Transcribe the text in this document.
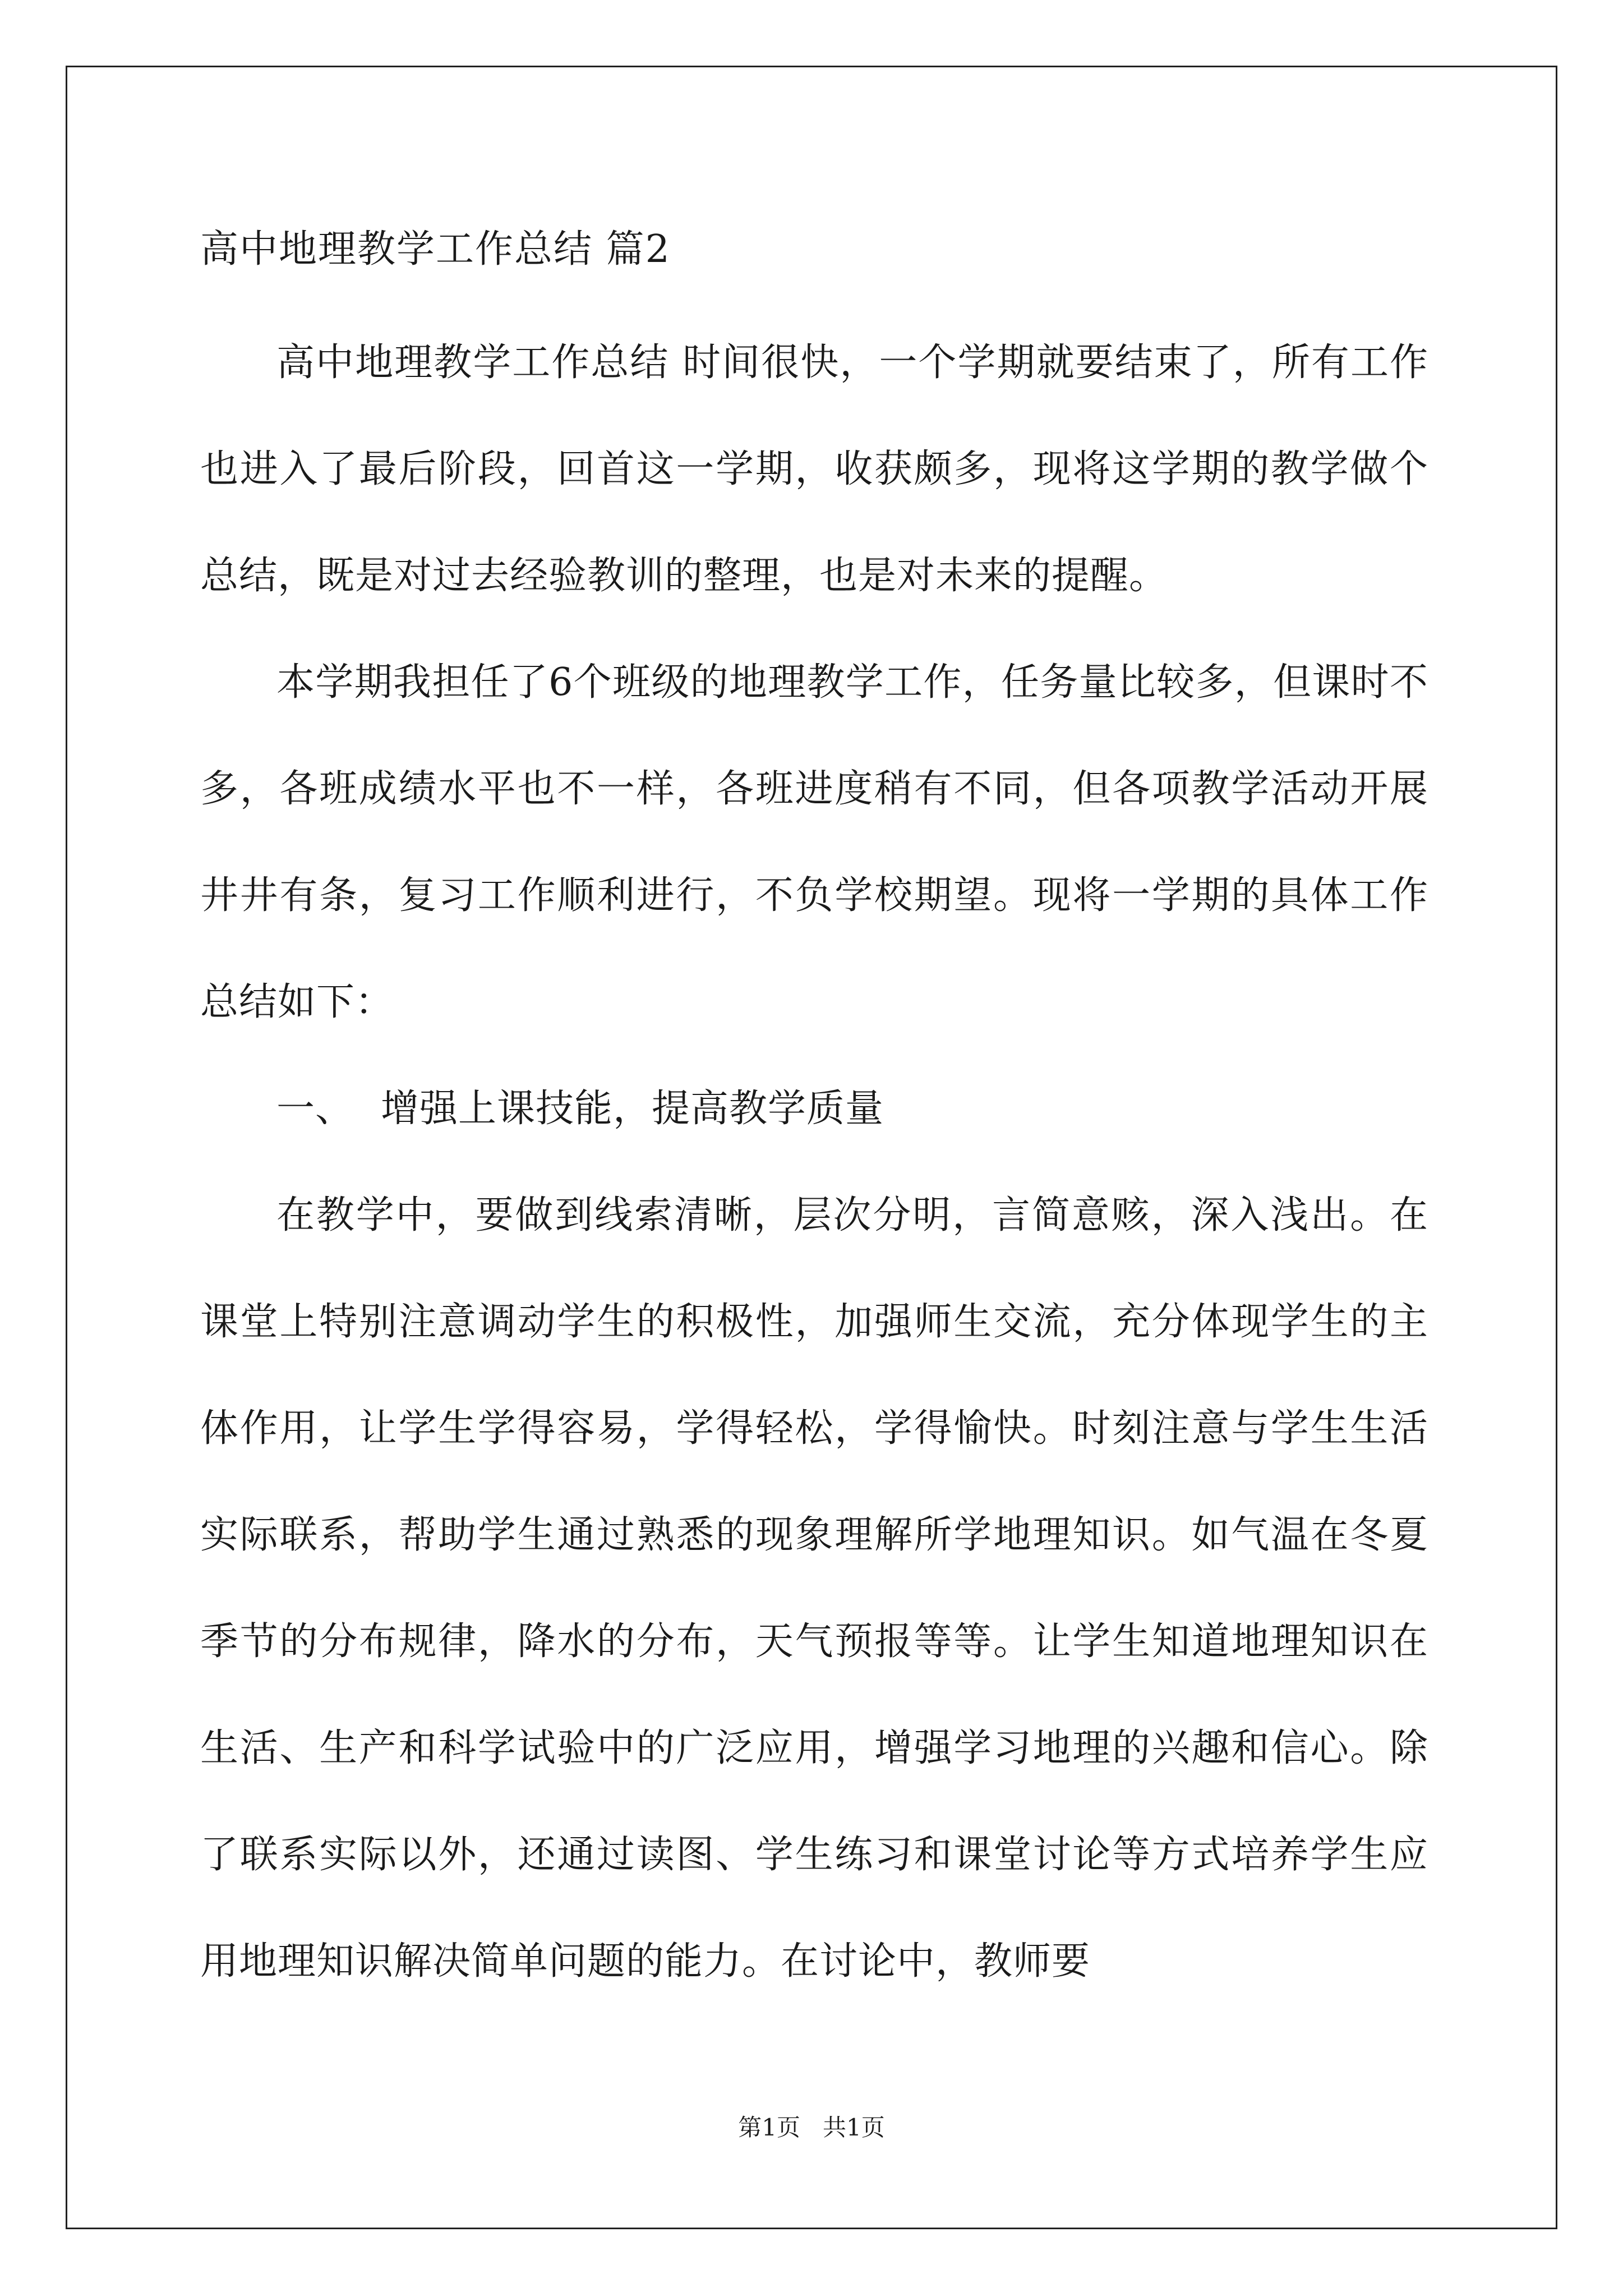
高中地理教学工作总结 篇2

高中地理教学工作总结 时间很快，一个学期就要结束了，所有工作也进入了最后阶段，回首这一学期，收获颇多，现将这学期的教学做个总结，既是对过去经验教训的整理，也是对未来的提醒。

本学期我担任了6个班级的地理教学工作，任务量比较多，但课时不多，各班成绩水平也不一样，各班进度稍有不同，但各项教学活动开展井井有条，复习工作顺利进行，不负学校期望。现将一学期的具体工作总结如下：

一、 增强上课技能，提高教学质量

在教学中，要做到线索清晰，层次分明，言简意赅，深入浅出。在课堂上特别注意调动学生的积极性，加强师生交流，充分体现学生的主体作用，让学生学得容易，学得轻松，学得愉快。时刻注意与学生生活实际联系，帮助学生通过熟悉的现象理解所学地理知识。如气温在冬夏季节的分布规律，降水的分布，天气预报等等。让学生知道地理知识在生活、生产和科学试验中的广泛应用，增强学习地理的兴趣和信心。除了联系实际以外，还通过读图、学生练习和课堂讨论等方式培养学生应用地理知识解决简单问题的能力。在讨论中，教师要

第1页 共1页
